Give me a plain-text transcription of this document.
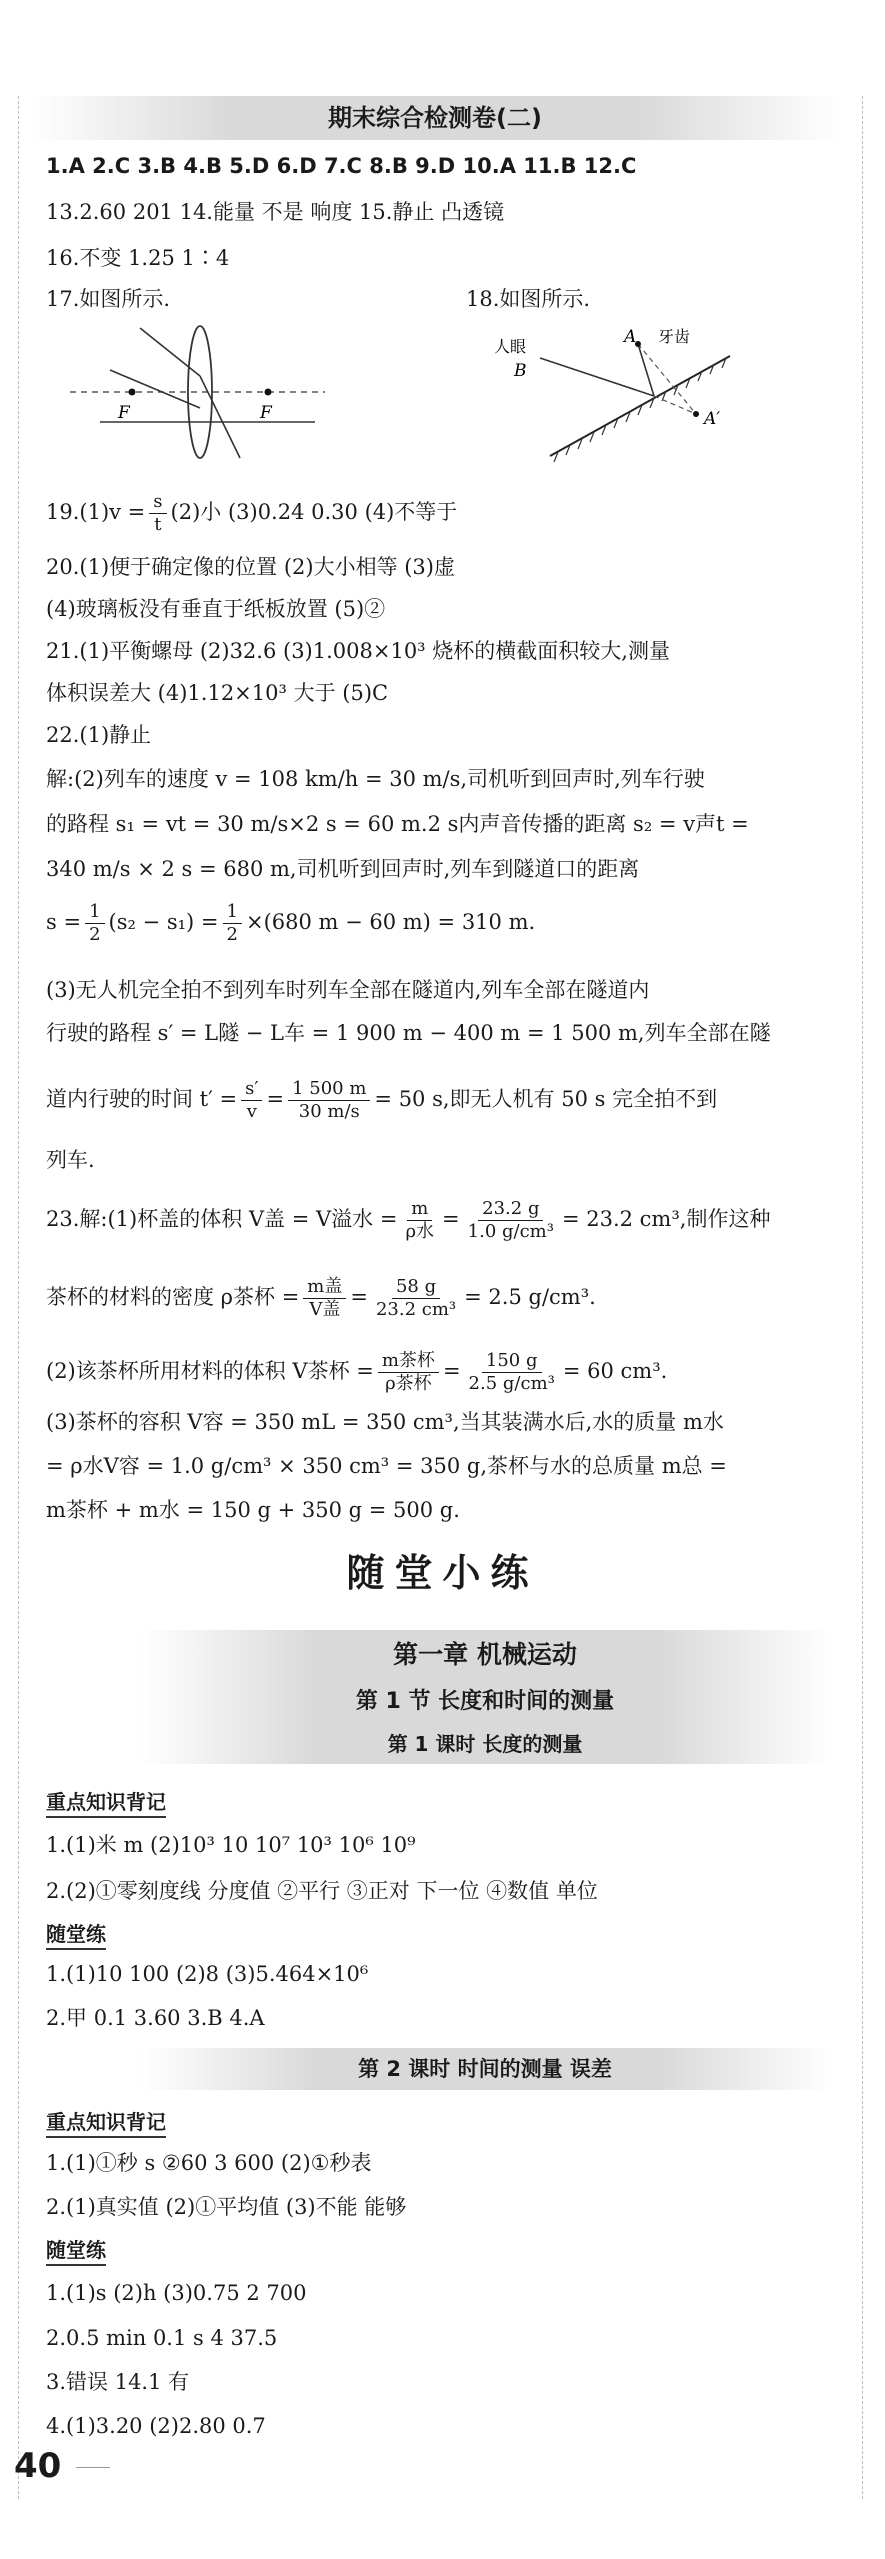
期末综合检测卷(二)
1.A 2.C 3.B 4.B 5.D 6.D 7.C 8.B 9.D 10.A 11.B 12.C
13.2.60 201 14.能量 不是 响度 15.静止 凸透镜
16.不变 1.25 1∶4
17.如图所示.	18.如图所示.
F	F
人眼
B
A 牙齿
A′
$19.(1)v = \frac{s}{t} (2)$小 (3)0.24 0.30 (4)不等于
20.(1)便于确定像的位置 (2)大小相等 (3)虚
(4)玻璃板没有垂直于纸板放置 (5)②
21.(1)平衡螺母 (2)32.6 (3)1.008×10³ 烧杯的横截面积较大,测量
体积误差大 (4)1.12×10³ 大于 (5)C
22.(1)静止
解:(2)列车的速度 v = 108 km/h = 30 m/s,司机听到回声时,列车行驶
的路程 s₁ = vt = 30 m/s×2 s = 60 m.2 s内声音传播的距离 s₂ = v声t =
340 m/s × 2 s = 680 m,司机听到回声时,列车到隧道口的距离
$s = \frac{1}{2} (s_2 - s_1) = \frac{1}{2} \times(680$ m − 60 m) = 310 m.
(3)无人机完全拍不到列车时列车全部在隧道内,列车全部在隧道内
行驶的路程 s′ = L隧 − L车 = 1 900 m − 400 m = 1 500 m,列车全部在隧
道内行驶的时间 $t' = \frac{s'}{v} = \frac{1 500 m}{30 m/s} = 50$ s,即无人机有 50 s 完全拍不到
列车.
23.解:(1)杯盖的体积 V盖 = V溢水 = $\frac{m}{\text{ρ水}} = \frac{23.2 g}{\text{1.0 g/cm³}} = 23.2$ cm³,制作这种
茶杯的材料的密度 ρ茶杯 = $\frac{\text{m盖}}{\text{V盖}} = \frac{58 g}{\text{23.2 cm³}} = 2.5$ g/cm³.
(2)该茶杯所用材料的体积 V茶杯 = $\frac{\text{m茶杯}}{\text{ρ茶杯}} = \frac{150 g}{\text{2.5 g/cm³}} = 60$ cm³.
(3)茶杯的容积 V容 = 350 mL = 350 cm³,当其装满水后,水的质量 m水
= ρ水V容 = 1.0 g/cm³ × 350 cm³ = 350 g,茶杯与水的总质量 m总 =
m茶杯 + m水 = 150 g + 350 g = 500 g.
随堂小练
第一章 机械运动
第 1 节 长度和时间的测量
第 1 课时 长度的测量
重点知识背记
1.(1)米 m (2)10³ 10 10⁷ 10³ 10⁶ 10⁹
2.(2)①零刻度线 分度值 ②平行 ③正对 下一位 ④数值 单位
随堂练
1.(1)10 100 (2)8 (3)5.464×10⁶
2.甲 0.1 3.60 3.B 4.A
第 2 课时 时间的测量 误差
重点知识背记
1.(1)①秒 s ②60 3 600 (2)①秒表
2.(1)真实值 (2)①平均值 (3)不能 能够
随堂练
1.(1)s (2)h (3)0.75 2 700
2.0.5 min 0.1 s 4 37.5
3.错误 14.1 有
4.(1)3.20 (2)2.80 0.7
40
